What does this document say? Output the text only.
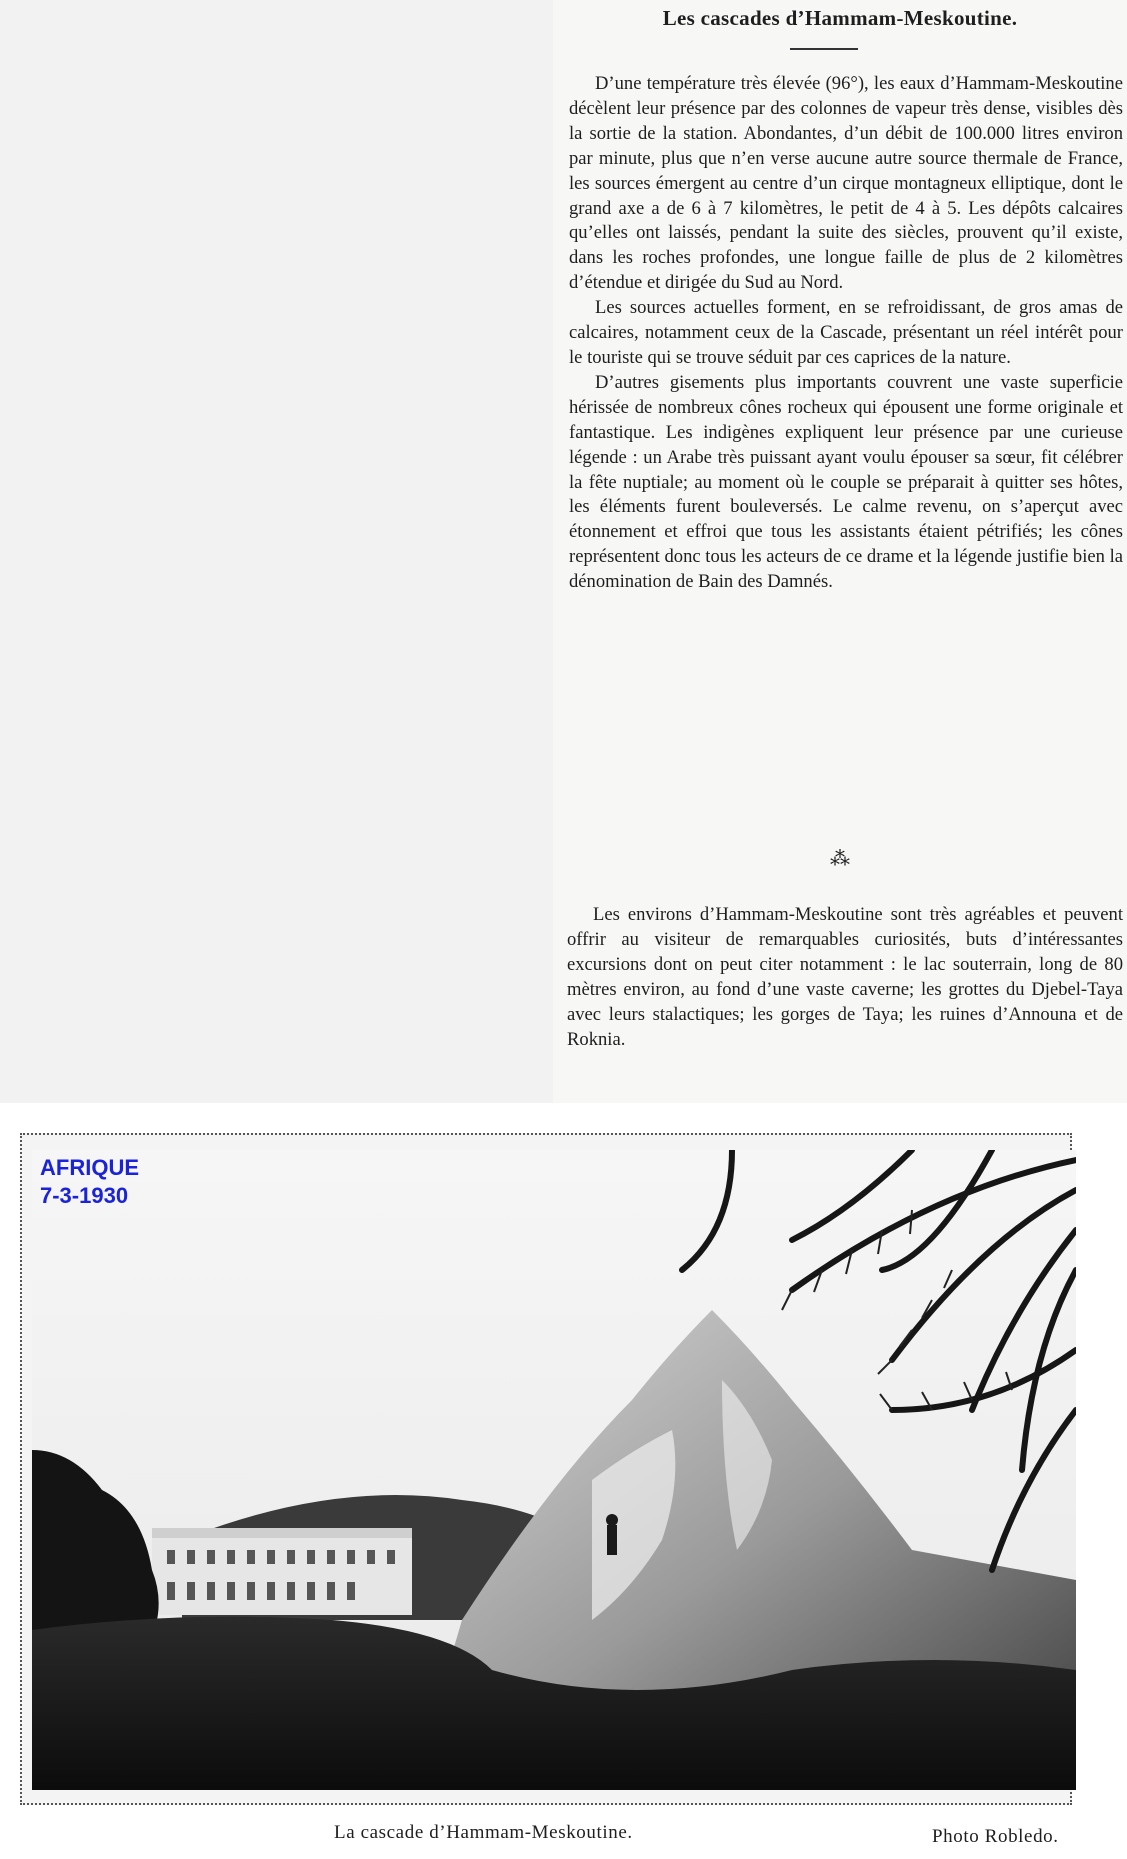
Les cascades d’Hammam-Meskoutine.

D’une température très élevée (96°), les eaux d’Hammam-Meskoutine décèlent leur présence par des colonnes de vapeur très dense, visibles dès la sortie de la station. Abondantes, d’un débit de 100.000 litres environ par minute, plus que n’en verse aucune autre source thermale de France, les sources émergent au centre d’un cirque montagneux elliptique, dont le grand axe a de 6 à 7 kilomètres, le petit de 4 à 5. Les dépôts calcaires qu’elles ont laissés, pendant la suite des siècles, prouvent qu’il existe, dans les roches profondes, une longue faille de plus de 2 kilomètres d’étendue et dirigée du Sud au Nord.

Les sources actuelles forment, en se refroidissant, de gros amas de calcaires, notamment ceux de la Cascade, présentant un réel intérêt pour le touriste qui se trouve séduit par ces caprices de la nature.

D’autres gisements plus importants couvrent une vaste superficie hérissée de nombreux cônes rocheux qui épousent une forme originale et fantastique. Les indigènes expliquent leur présence par une curieuse légende : un Arabe très puissant ayant voulu épouser sa sœur, fit célébrer la fête nuptiale; au moment où le couple se préparait à quitter ses hôtes, les éléments furent bouleversés. Le calme revenu, on s’aperçut avec étonnement et effroi que tous les assistants étaient pétrifiés; les cônes représentent donc tous les acteurs de ce drame et la légende justifie bien la dénomination de Bain des Damnés.

⁂

Les environs d’Hammam-Meskoutine sont très agréables et peuvent offrir au visiteur de remarquables curiosités, buts d’intéressantes excursions dont on peut citer notamment : le lac souterrain, long de 80 mètres environ, au fond d’une vaste caverne; les grottes du Djebel-Taya avec leurs stalactiques; les gorges de Taya; les ruines d’Announa et de Roknia.

AFRIQUE
7-3-1930
La cascade d’Hammam-Meskoutine.	Photo Robledo.
